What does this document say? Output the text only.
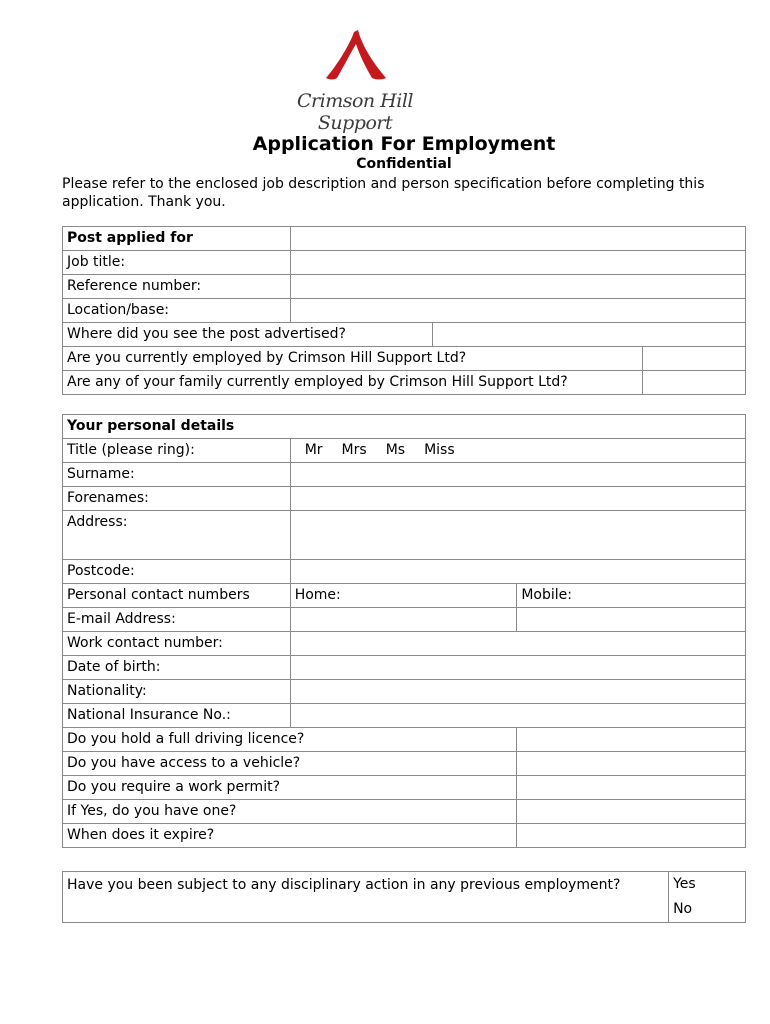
Crimson Hill Support
Application For Employment
Confidential
Please refer to the enclosed job description and person specification before completing this application. Thank you.
Post applied for			
Job title:			
Reference number:			
Location/base:			
Where did you see the post advertised?			
Are you currently employed by Crimson Hill Support Ltd?			
Are any of your family currently employed by Crimson Hill Support Ltd?			
Your personal details		
Title (please ring):	Mr Mrs Ms Miss	
Surname:		
Forenames:		
Address:		
Postcode:		
Personal contact numbers	Home:	Mobile:
E-mail Address:		
Work contact number:		
Date of birth:		
Nationality:		
National Insurance No.:		
Do you hold a full driving licence?		
Do you have access to a vehicle?		
Do you require a work permit?		
If Yes, do you have one?		
When does it expire?		
Have you been subject to any disciplinary action in any previous employment?	Yes
No
